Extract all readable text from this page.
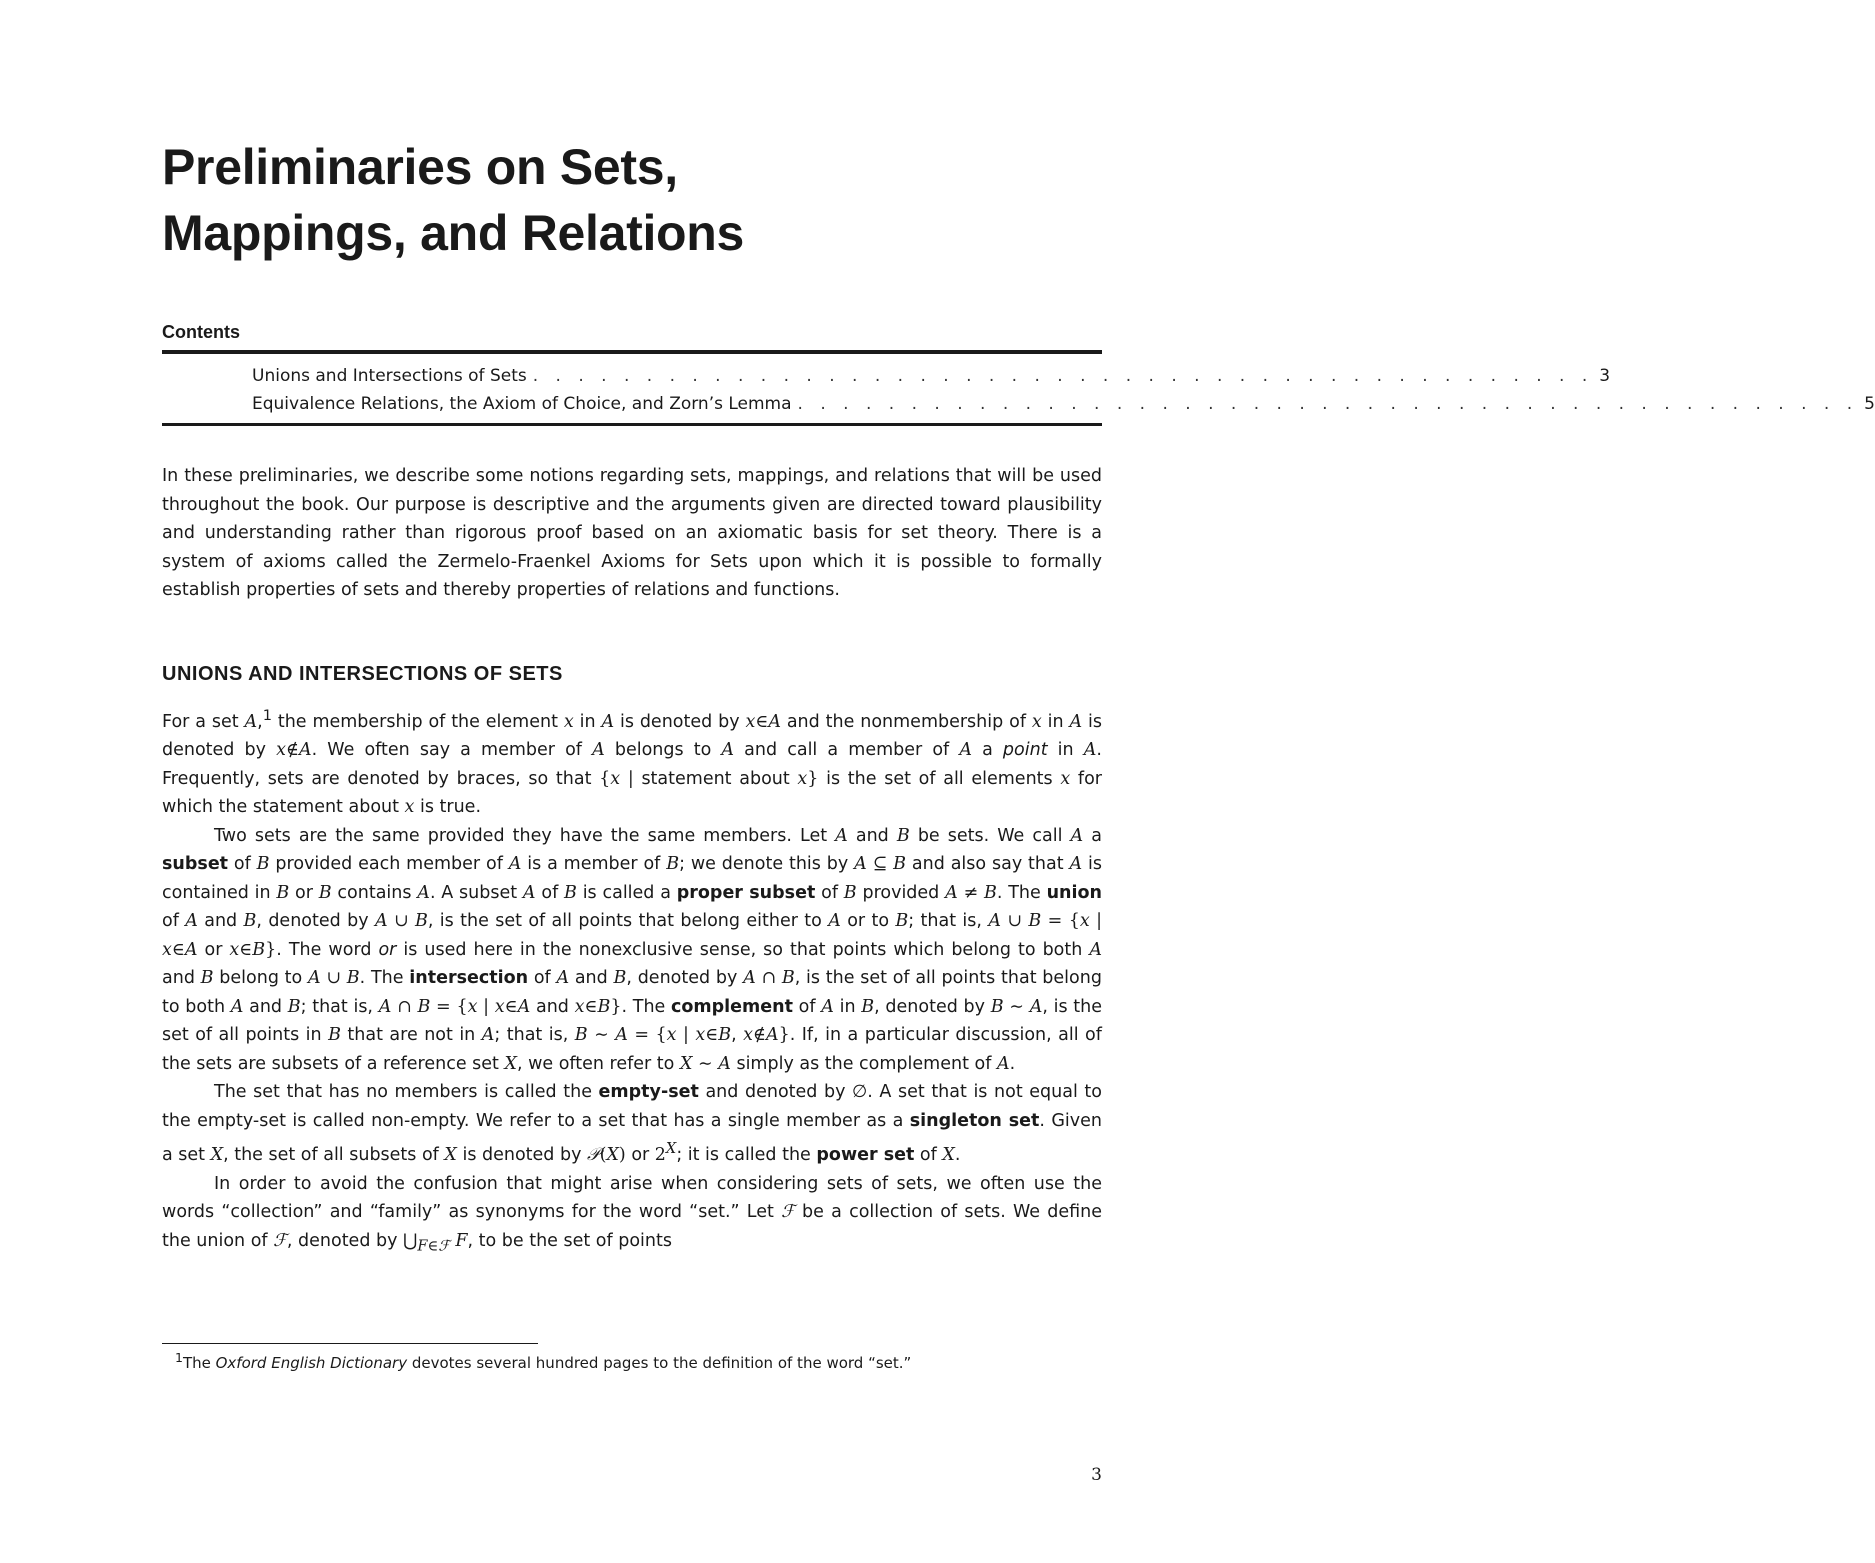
Preliminaries on Sets,
Mappings, and Relations
Contents
Unions and Intersections of Sets . . . . . . . . . . . . . . . . . . . . . . . . . . . . . . . . . . . . . . . . . . . . . . . 3
Equivalence Relations, the Axiom of Choice, and Zorn’s Lemma . . . . . . . . . . . . . . . . . . . . . . . . . . . . . . . . . . . . . . . . . . . . . . . 5

In these preliminaries, we describe some notions regarding sets, mappings, and relations that will be used throughout the book. Our purpose is descriptive and the arguments given are directed toward plausibility and understanding rather than rigorous proof based on an axiomatic basis for set theory. There is a system of axioms called the Zermelo-Fraenkel Axioms for Sets upon which it is possible to formally establish properties of sets and thereby properties of relations and functions.

UNIONS AND INTERSECTIONS OF SETS

For a set A,$^1$ the membership of the element x in A is denoted by x∈A and the nonmembership of x in A is denoted by x∉A. We often say a member of A belongs to A and call a member of A a point in A. Frequently, sets are denoted by braces, so that {x | statement about x} is the set of all elements x for which the statement about x is true.

Two sets are the same provided they have the same members. Let A and B be sets. We call A a subset of B provided each member of A is a member of B; we denote this by A ⊆ B and also say that A is contained in B or B contains A. A subset A of B is called a proper subset of B provided A ≠ B. The union of A and B, denoted by A ∪ B, is the set of all points that belong either to A or to B; that is, A ∪ B = {x | x∈A or x∈B}. The word or is used here in the nonexclusive sense, so that points which belong to both A and B belong to A ∪ B. The intersection of A and B, denoted by A ∩ B, is the set of all points that belong to both A and B; that is, A ∩ B = {x | x∈A and x∈B}. The complement of A in B, denoted by B ∼ A, is the set of all points in B that are not in A; that is, B ∼ A = {x | x∈B, x∉A}. If, in a particular discussion, all of the sets are subsets of a reference set X, we often refer to X ∼ A simply as the complement of A.

The set that has no members is called the empty-set and denoted by ∅. A set that is not equal to the empty-set is called non-empty. We refer to a set that has a single member as a singleton set. Given a set X, the set of all subsets of X is denoted by 𝒫(X) or $2^X$; it is called the power set of X.

In order to avoid the confusion that might arise when considering sets of sets, we often use the words “collection” and “family” as synonyms for the word “set.” Let ℱ be a collection of sets. We define the union of ℱ, denoted by $⋃_{F\in ℱ}$ F, to be the set of points

$^1$The Oxford English Dictionary devotes several hundred pages to the definition of the word “set.”

3
